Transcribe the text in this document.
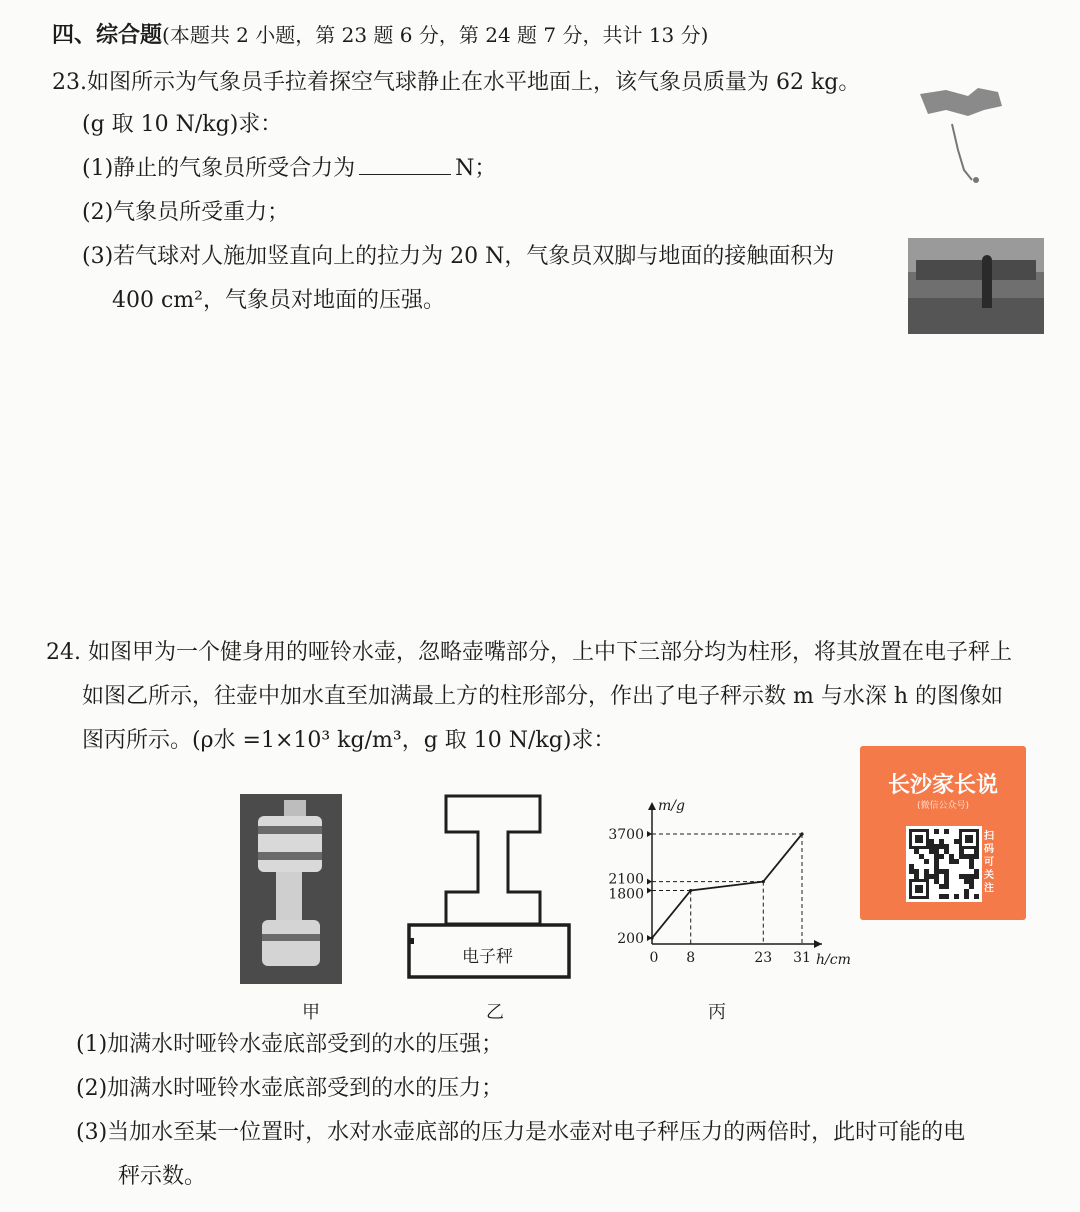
四、综合题(本题共 2 小题，第 23 题 6 分，第 24 题 7 分，共计 13 分)
23.如图所示为气象员手拉着探空气球静止在水平地面上，该气象员质量为 62 kg。
(g 取 10 N/kg)求：
(1)静止的气象员所受合力为	N；
(2)气象员所受重力；
(3)若气球对人施加竖直向上的拉力为 20 N，气象员双脚与地面的接触面积为
400 cm²，气象员对地面的压强。
24. 如图甲为一个健身用的哑铃水壶，忽略壶嘴部分，上中下三部分均为柱形，将其放置在电子秤上
如图乙所示，往壶中加水直至加满最上方的柱形部分，作出了电子秤示数 m 与水深 h 的图像如
图丙所示。(ρ水 =1×10³ kg/m³，g 取 10 N/kg)求：
电子秤
200
1800
2100
3700
0 8	23 31 h/cm
m/g
甲	乙	丙
(1)加满水时哑铃水壶底部受到的水的压强；
(2)加满水时哑铃水壶底部受到的水的压力；
(3)当加水至某一位置时，水对水壶底部的压力是水壶对电子秤压力的两倍时，此时可能的电
秤示数。
长沙家长说
(微信公众号)
扫码可关注
